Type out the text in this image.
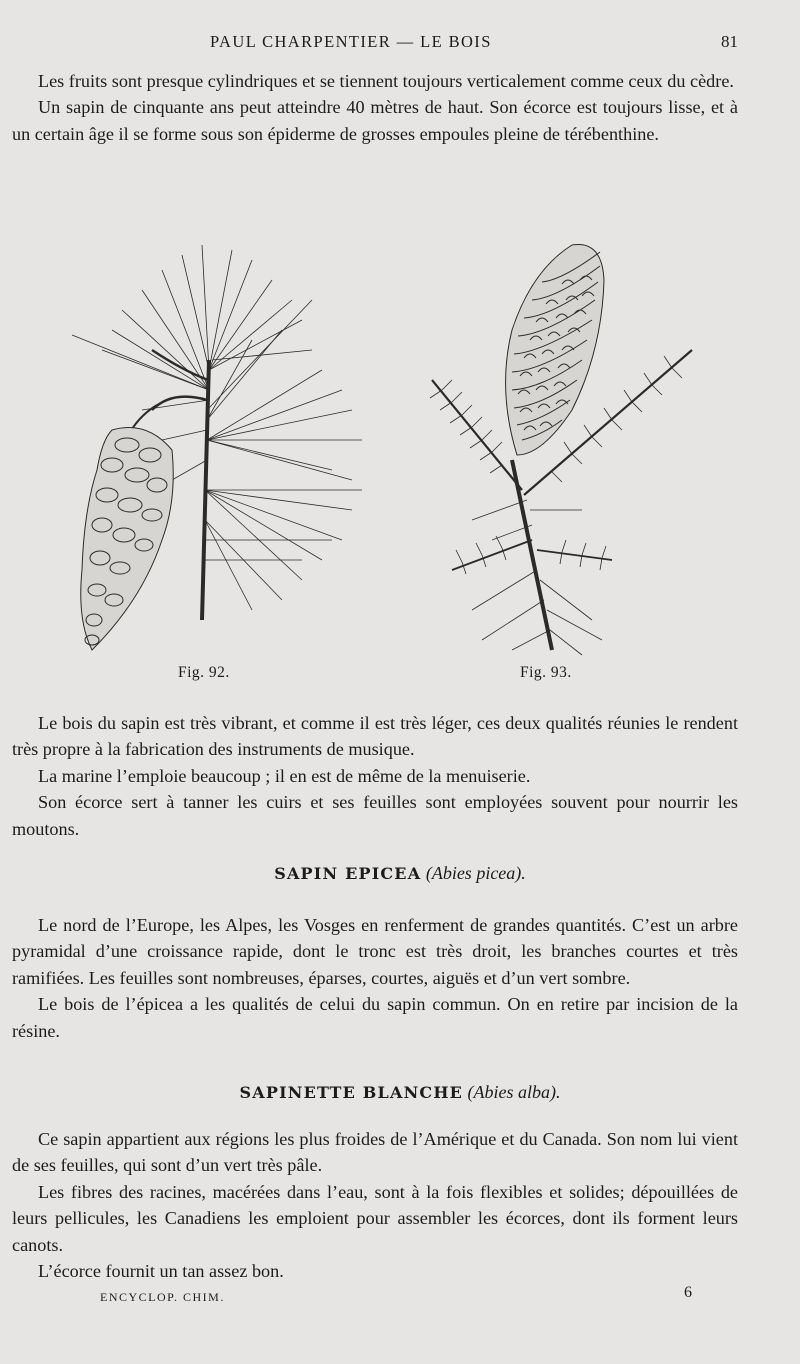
PAUL CHARPENTIER — LE BOIS	81

Les fruits sont presque cylindriques et se tiennent toujours verticalement comme ceux du cèdre.

Un sapin de cinquante ans peut atteindre 40 mètres de haut. Son écorce est toujours lisse, et à un certain âge il se forme sous son épiderme de grosses empoules pleine de térébenthine.

Fig. 92.	Fig. 93.

Le bois du sapin est très vibrant, et comme il est très léger, ces deux qualités réunies le rendent très propre à la fabrication des instruments de musique.

La marine l’emploie beaucoup ; il en est de même de la menuiserie.

Son écorce sert à tanner les cuirs et ses feuilles sont employées souvent pour nourrir les moutons.

SAPIN EPICEA (Abies picea).

Le nord de l’Europe, les Alpes, les Vosges en renferment de grandes quantités. C’est un arbre pyramidal d’une croissance rapide, dont le tronc est très droit, les branches courtes et très ramifiées. Les feuilles sont nombreuses, éparses, courtes, aiguës et d’un vert sombre.

Le bois de l’épicea a les qualités de celui du sapin commun. On en retire par incision de la résine.

SAPINETTE BLANCHE (Abies alba).

Ce sapin appartient aux régions les plus froides de l’Amérique et du Canada. Son nom lui vient de ses feuilles, qui sont d’un vert très pâle.

Les fibres des racines, macérées dans l’eau, sont à la fois flexibles et solides; dépouillées de leurs pellicules, les Canadiens les emploient pour assembler les écorces, dont ils forment leurs canots.

L’écorce fournit un tan assez bon.

ENCYCLOP. CHIM.	6
